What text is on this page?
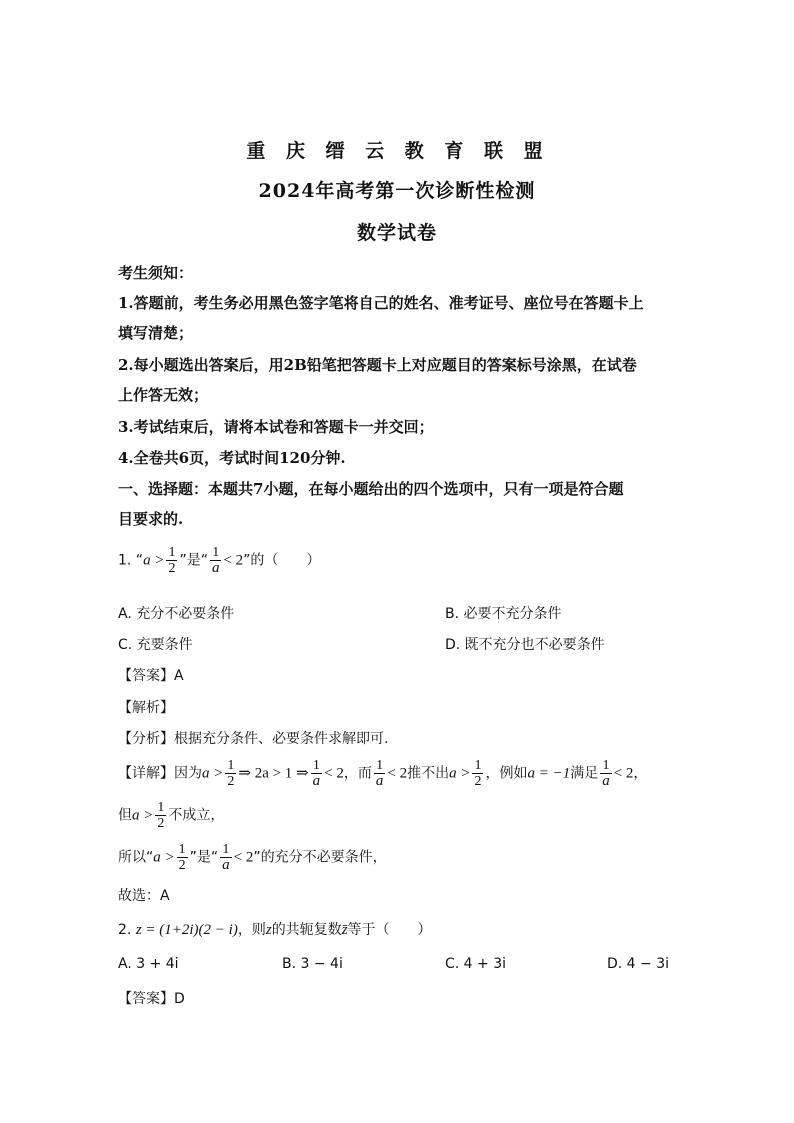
重 庆 缙 云 教 育 联 盟
2024年高考第一次诊断性检测
数学试卷
考生须知：
1.答题前，考生务必用黑色签字笔将自己的姓名、准考证号、座位号在答题卡上
填写清楚；
2.每小题选出答案后，用2B铅笔把答题卡上对应题目的答案标号涂黑，在试卷
上作答无效；
3.考试结束后，请将本试卷和答题卡一并交回；
4.全卷共6页，考试时间120分钟.
一、选择题：本题共7小题，在每小题给出的四个选项中，只有一项是符合题
目要求的.
1. “$a > \frac{1}{2}$ ”是“ $\frac{1}{a} < 2$”的（　　）
A. 充分不必要条件	B. 必要不充分条件
C. 充要条件	D. 既不充分也不必要条件
【答案】A
【解析】
【分析】根据充分条件、必要条件求解即可.
【详解】因为$a > \frac{1}{2}$ ⇒ 2a > 1 ⇒ $\frac{1}{a} < 2$，而 $\frac{1}{a} < 2$推不出$a > \frac{1}{2}$ ，例如a = −1满足 $\frac{1}{a} < 2$，
但$a > \frac{1}{2}$ 不成立，
所以“$a > \frac{1}{2}$ ”是“ $\frac{1}{a} < 2$”的充分不必要条件，
故选：A
2. z = (1+2i)(2 − i)，则z的共轭复数z̄等于（　　）
A. 3 + 4i	B. 3 − 4i	C. 4 + 3i	D. 4 − 3i
【答案】D
